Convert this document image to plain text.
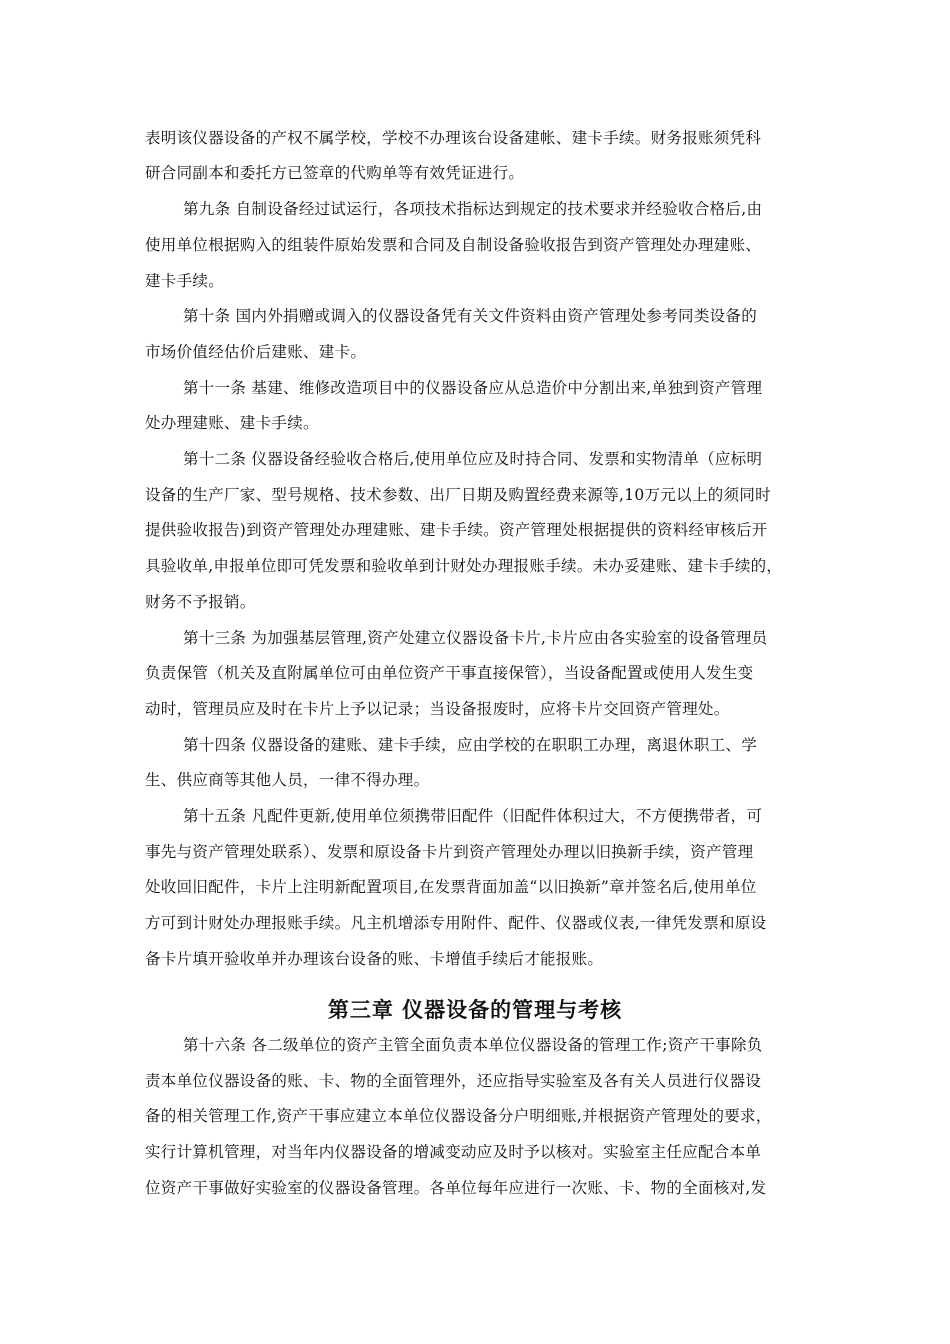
表明该仪器设备的产权不属学校，学校不办理该台设备建帐、建卡手续。财务报账须凭科
研合同副本和委托方已签章的代购单等有效凭证进行。
第九条 自制设备经过试运行，各项技术指标达到规定的技术要求并经验收合格后,由
使用单位根据购入的组装件原始发票和合同及自制设备验收报告到资产管理处办理建账、
建卡手续。
第十条 国内外捐赠或调入的仪器设备凭有关文件资料由资产管理处参考同类设备的
市场价值经估价后建账、建卡。
第十一条 基建、维修改造项目中的仪器设备应从总造价中分割出来,单独到资产管理
处办理建账、建卡手续。
第十二条 仪器设备经验收合格后,使用单位应及时持合同、发票和实物清单（应标明
设备的生产厂家、型号规格、技术参数、出厂日期及购置经费来源等,10万元以上的须同时
提供验收报告)到资产管理处办理建账、建卡手续。资产管理处根据提供的资料经审核后开
具验收单,申报单位即可凭发票和验收单到计财处办理报账手续。未办妥建账、建卡手续的，
财务不予报销。
第十三条 为加强基层管理,资产处建立仪器设备卡片,卡片应由各实验室的设备管理员
负责保管（机关及直附属单位可由单位资产干事直接保管），当设备配置或使用人发生变
动时，管理员应及时在卡片上予以记录；当设备报废时，应将卡片交回资产管理处。
第十四条 仪器设备的建账、建卡手续，应由学校的在职职工办理，离退休职工、学
生、供应商等其他人员，一律不得办理。
第十五条 凡配件更新,使用单位须携带旧配件（旧配件体积过大，不方便携带者，可
事先与资产管理处联系）、发票和原设备卡片到资产管理处办理以旧换新手续，资产管理
处收回旧配件，卡片上注明新配置项目,在发票背面加盖“以旧换新”章并签名后,使用单位
方可到计财处办理报账手续。凡主机增添专用附件、配件、仪器或仪表,一律凭发票和原设
备卡片填开验收单并办理该台设备的账、卡增值手续后才能报账。
第三章 仪器设备的管理与考核
第十六条 各二级单位的资产主管全面负责本单位仪器设备的管理工作;资产干事除负
责本单位仪器设备的账、卡、物的全面管理外，还应指导实验室及各有关人员进行仪器设
备的相关管理工作,资产干事应建立本单位仪器设备分户明细账,并根据资产管理处的要求，
实行计算机管理，对当年内仪器设备的增减变动应及时予以核对。实验室主任应配合本单
位资产干事做好实验室的仪器设备管理。各单位每年应进行一次账、卡、物的全面核对,发
